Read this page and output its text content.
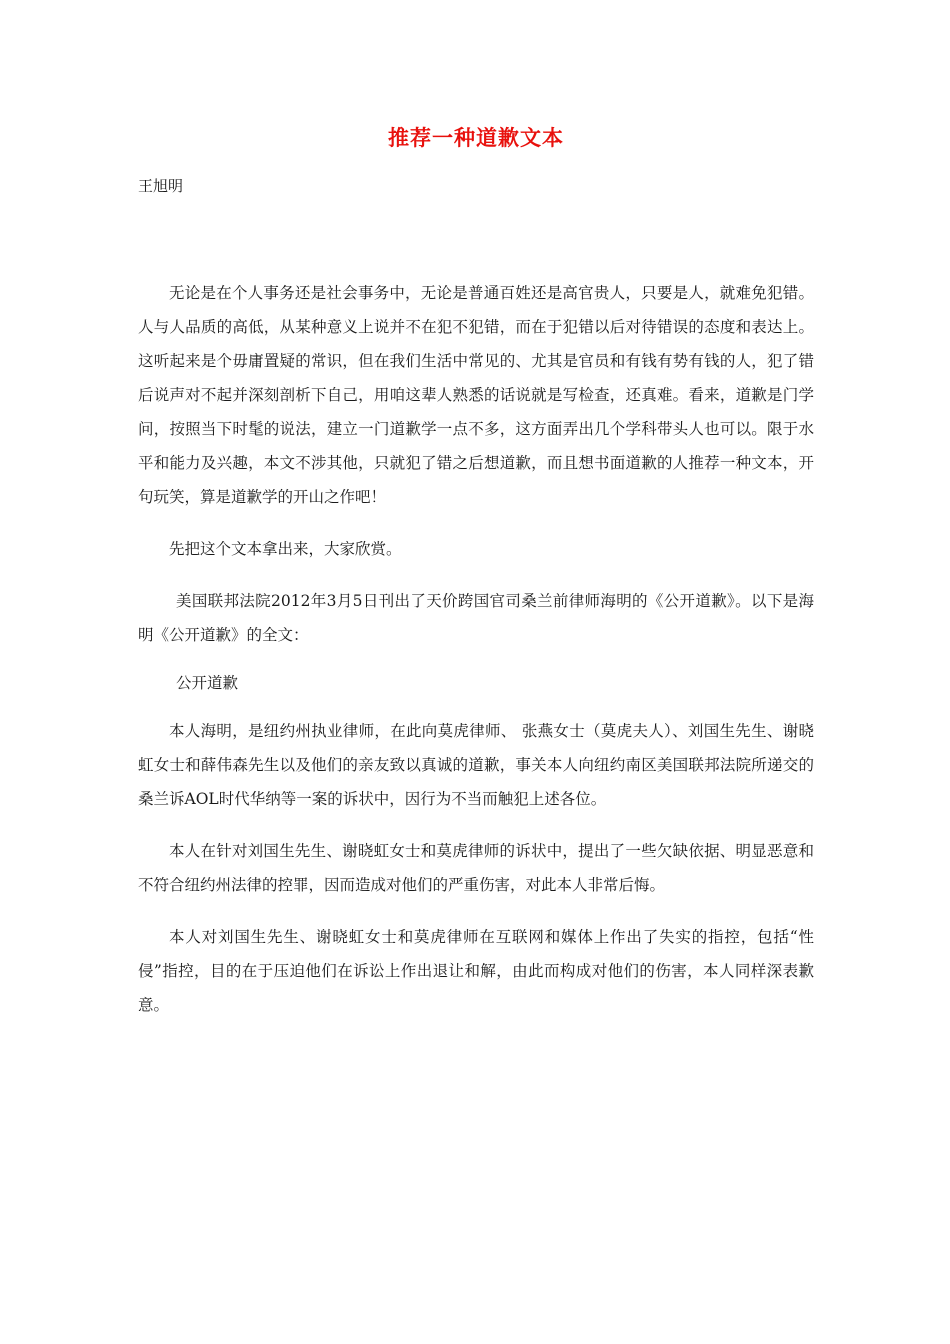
推荐一种道歉文本
王旭明

无论是在个人事务还是社会事务中，无论是普通百姓还是高官贵人，只要是人，就难免犯错。人与人品质的高低，从某种意义上说并不在犯不犯错，而在于犯错以后对待错误的态度和表达上。这听起来是个毋庸置疑的常识，但在我们生活中常见的、尤其是官员和有钱有势有钱的人，犯了错后说声对不起并深刻剖析下自己，用咱这辈人熟悉的话说就是写检查，还真难。看来，道歉是门学问，按照当下时髦的说法，建立一门道歉学一点不多，这方面弄出几个学科带头人也可以。限于水平和能力及兴趣，本文不涉其他，只就犯了错之后想道歉，而且想书面道歉的人推荐一种文本，开句玩笑，算是道歉学的开山之作吧！

先把这个文本拿出来，大家欣赏。

美国联邦法院2012年3月5日刊出了天价跨国官司桑兰前律师海明的《公开道歉》。以下是海明《公开道歉》的全文：

公开道歉

本人海明，是纽约州执业律师，在此向莫虎律师、 张燕女士（莫虎夫人）、刘国生先生、谢晓虹女士和薛伟森先生以及他们的亲友致以真诚的道歉，事关本人向纽约南区美国联邦法院所递交的桑兰诉AOL时代华纳等一案的诉状中，因行为不当而触犯上述各位。

本人在针对刘国生先生、谢晓虹女士和莫虎律师的诉状中，提出了一些欠缺依据、明显恶意和不符合纽约州法律的控罪，因而造成对他们的严重伤害，对此本人非常后悔。

本人对刘国生先生、谢晓虹女士和莫虎律师在互联网和媒体上作出了失实的指控，包括“性侵”指控，目的在于压迫他们在诉讼上作出退让和解，由此而构成对他们的伤害，本人同样深表歉意。
